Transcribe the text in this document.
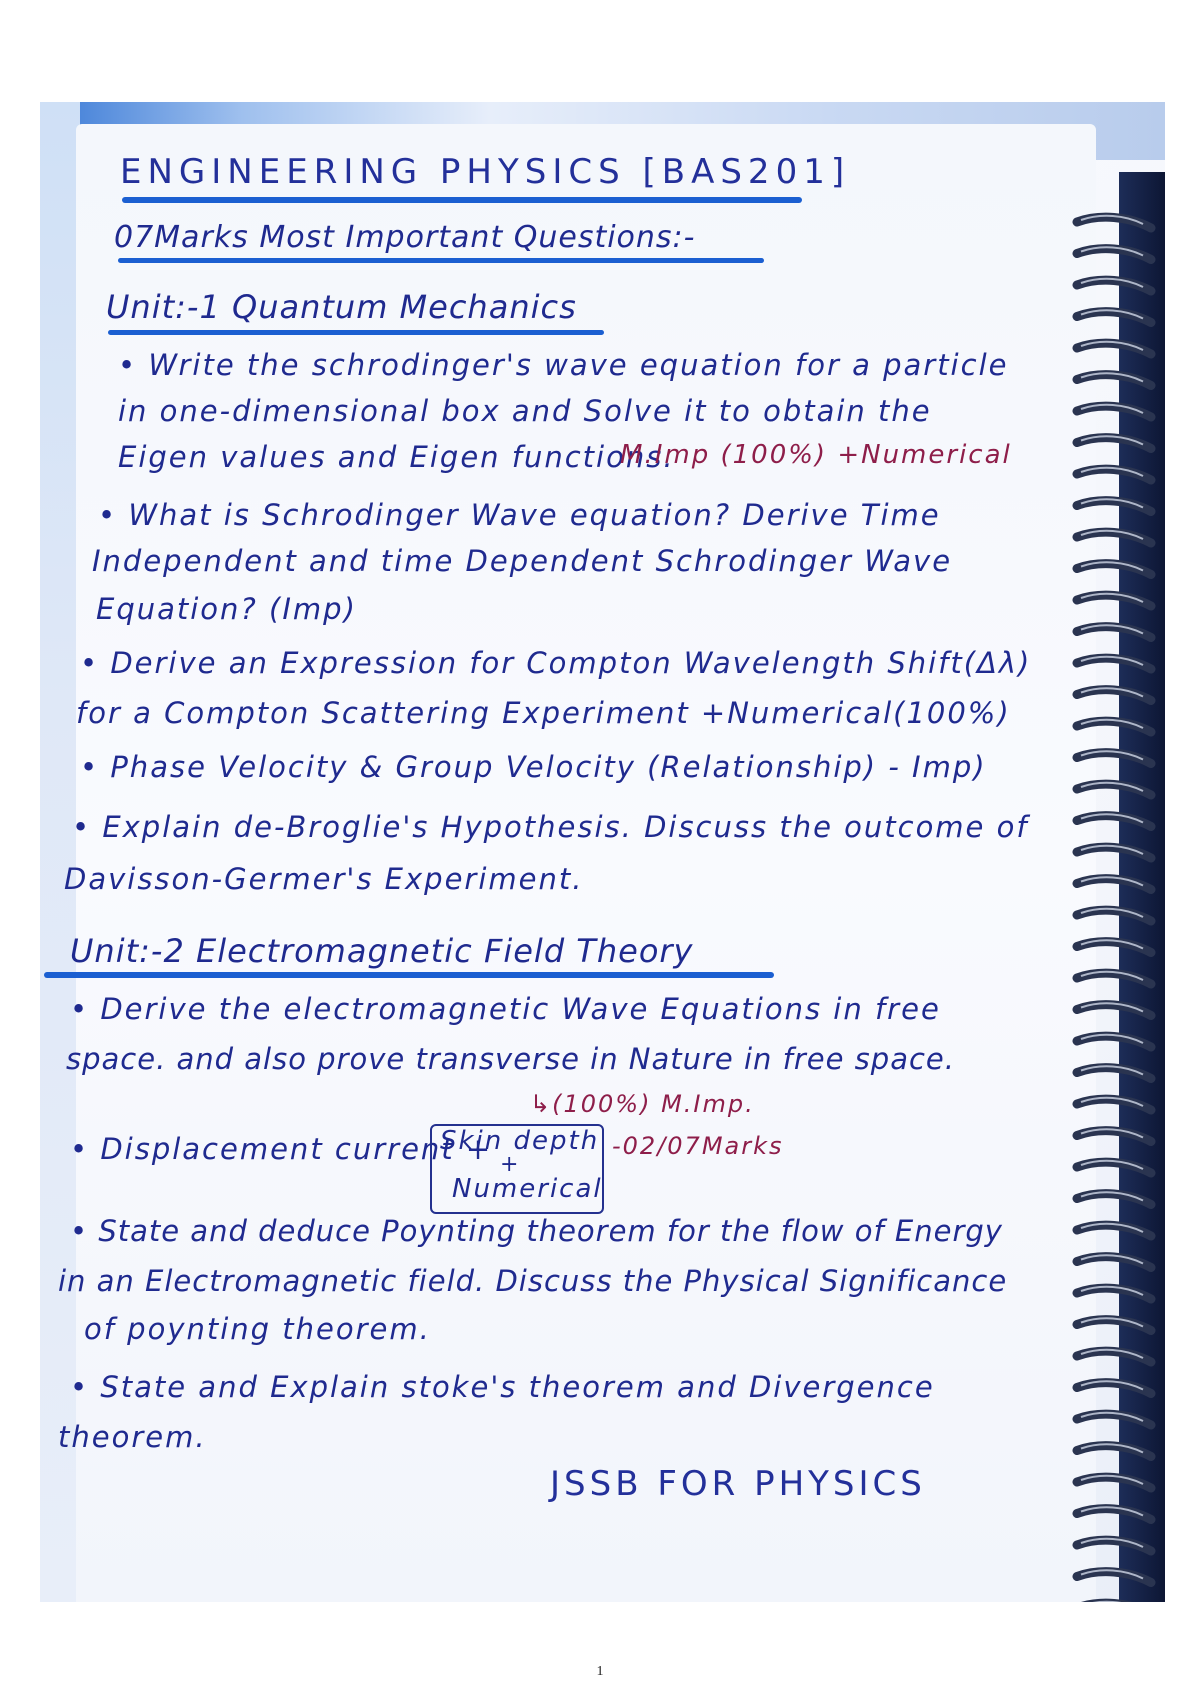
ENGINEERING PHYSICS [BAS201]
07Marks Most Important Questions:-
Unit:-1 Quantum Mechanics
• Write the schrodinger's wave equation for a particle
in one-dimensional box and Solve it to obtain the
Eigen values and Eigen functions.
M.Imp (100%) +Numerical
• What is Schrodinger Wave equation? Derive Time
Independent and time Dependent Schrodinger Wave
Equation? (Imp)
• Derive an Expression for Compton Wavelength Shift(Δλ)
for a Compton Scattering Experiment +Numerical(100%)
• Phase Velocity & Group Velocity (Relationship) - Imp)
• Explain de-Broglie's Hypothesis. Discuss the outcome of
Davisson-Germer's Experiment.
Unit:-2 Electromagnetic Field Theory
• Derive the electromagnetic Wave Equations in free
space. and also prove transverse in Nature in free space.
↳(100%) M.Imp.
• Displacement current +
Skin depth
+
Numerical
-02/07Marks
• State and deduce Poynting theorem for the flow of Energy
in an Electromagnetic field. Discuss the Physical Significance
of poynting theorem.
• State and Explain stoke's theorem and Divergence
theorem.
JSSB FOR PHYSICS
1
